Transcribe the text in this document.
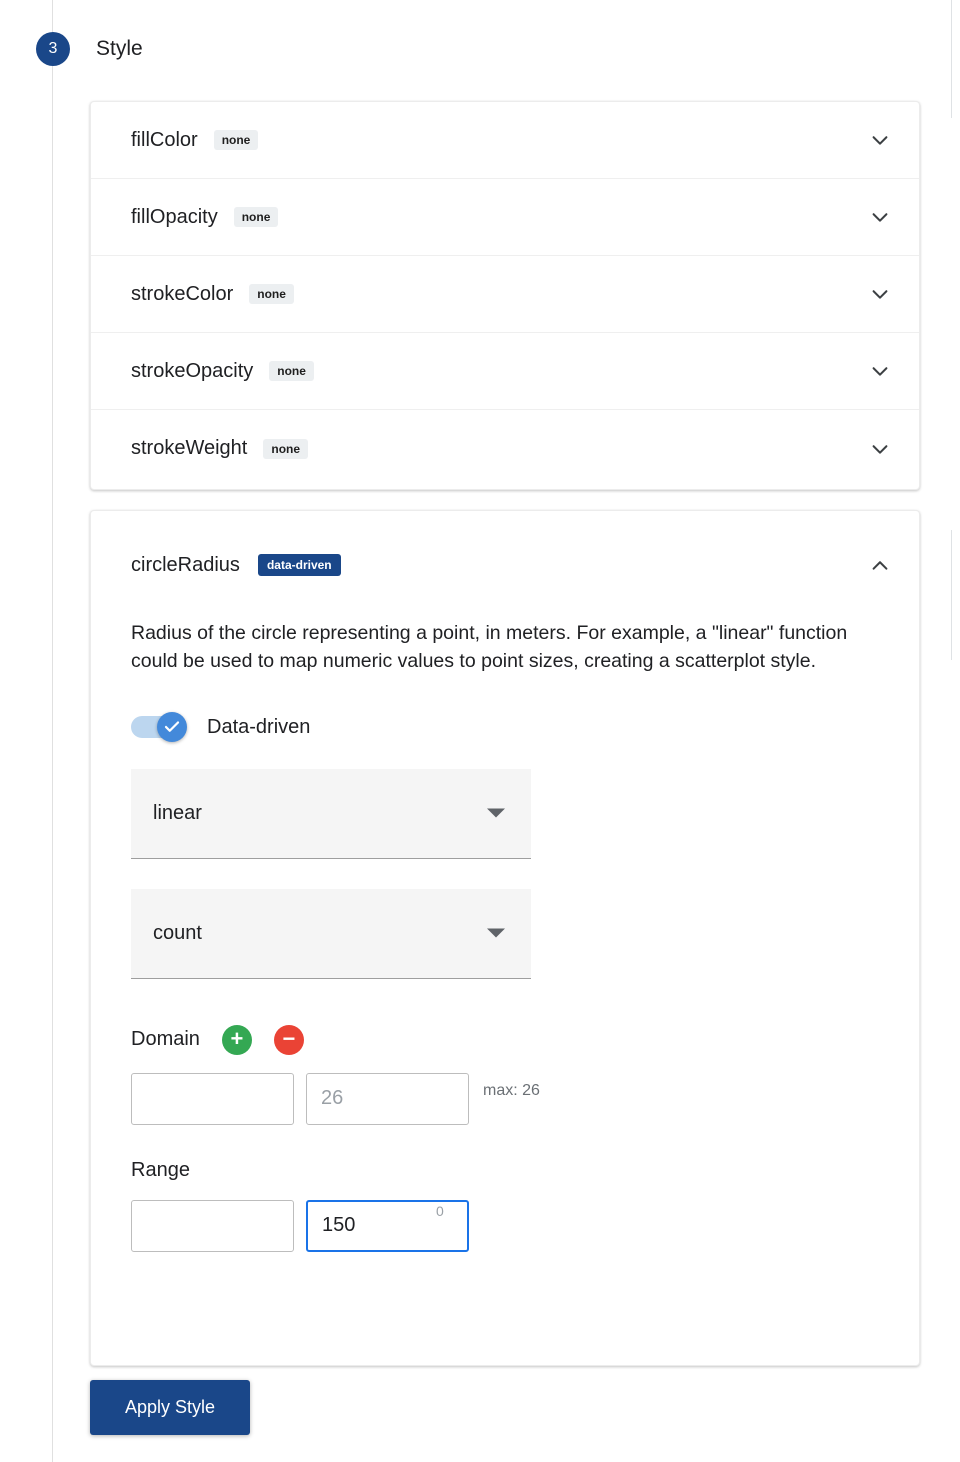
3	Style
fillColor	none
fillOpacity	none
strokeColor	none
strokeOpacity	none
strokeWeight	none
circleRadius	data-driven

Radius of the circle representing a point, in meters. For example, a "linear" function could be used to map numeric values to point sizes, creating a scatterplot style.

Data-driven
linear
count
Domain + −
26
max: 26
0
Range
150
Apply Style
